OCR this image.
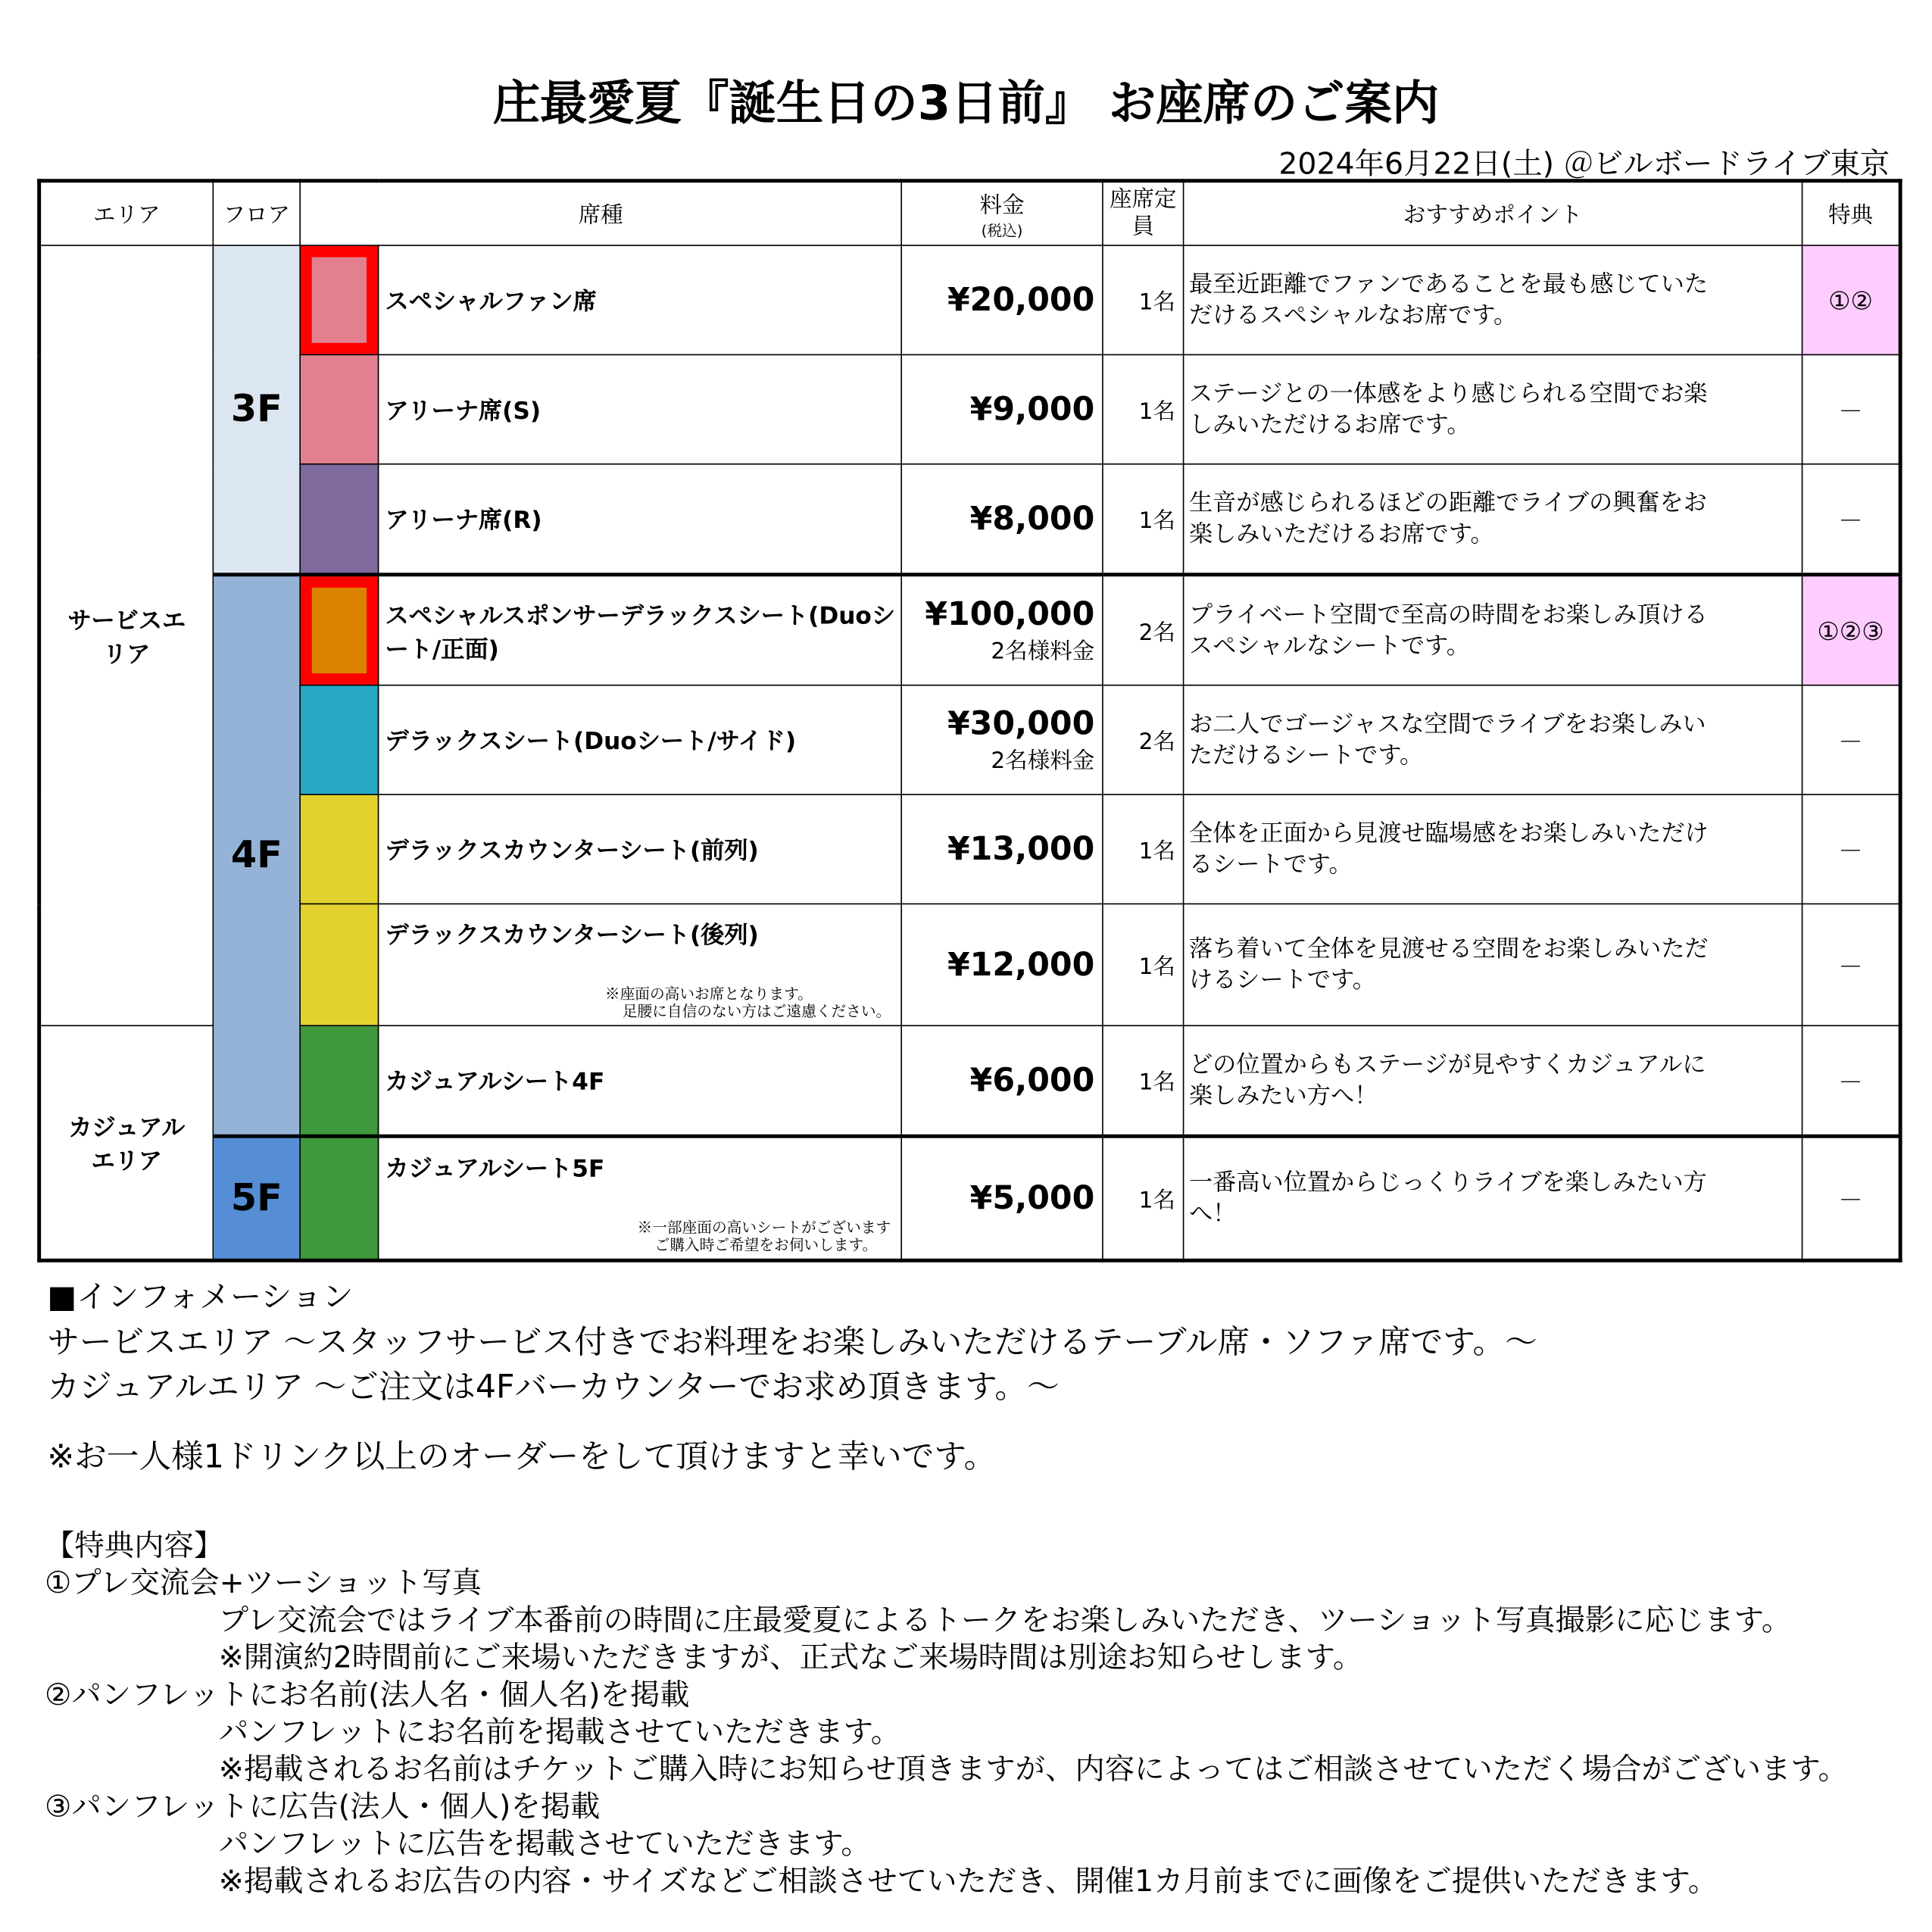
庄最愛夏『誕生日の3日前』 お座席のご案内
2024年6月22日(土) ＠ビルボードライブ東京
エリア	フロア	席種		料金
(税込)	座席定員	おすすめポイント	特典
サービスエリア	3F		スペシャルファン席	¥20,000	1名	最至近距離でファンであることを最も感じていただけるスペシャルなお席です。	①②
			アリーナ席(S)	¥9,000	1名	ステージとの一体感をより感じられる空間でお楽しみいただけるお席です。	－
			アリーナ席(R)	¥8,000	1名	生音が感じられるほどの距離でライブの興奮をお楽しみいただけるお席です。	－
	4F		スペシャルスポンサーデラックスシート(Duoシート/正面)	¥100,000
2名様料金	2名	プライベート空間で至高の時間をお楽しみ頂けるスペシャルなシートです。	①②③
			デラックスシート(Duoシート/サイド)	¥30,000
2名様料金	2名	お二人でゴージャスな空間でライブをお楽しみいただけるシートです。	－
			デラックスカウンターシート(前列)	¥13,000	1名	全体を正面から見渡せ臨場感をお楽しみいただけるシートです。	－
			デラックスカウンターシート(後列)
※座面の高いお席となります。
足腰に自信のない方はご遠慮ください。	¥12,000	1名	落ち着いて全体を見渡せる空間をお楽しみいただけるシートです。	－
カジュアルエリア			カジュアルシート4F	¥6,000	1名	どの位置からもステージが見やすくカジュアルに楽しみたい方へ！	－
	5F		カジュアルシート5F
※一部座面の高いシートがございます
ご購入時ご希望をお伺いします。	¥5,000	1名	一番高い位置からじっくりライブを楽しみたい方へ！	－
■インフォメーション
サービスエリア ～スタッフサービス付きでお料理をお楽しみいただけるテーブル席・ソファ席です。～
カジュアルエリア ～ご注文は4Fバーカウンターでお求め頂きます。～
※お一人様1ドリンク以上のオーダーをして頂けますと幸いです。
【特典内容】
①プレ交流会+ツーショット写真
プレ交流会ではライブ本番前の時間に庄最愛夏によるトークをお楽しみいただき、ツーショット写真撮影に応じます。
※開演約2時間前にご来場いただきますが、正式なご来場時間は別途お知らせします。
②パンフレットにお名前(法人名・個人名)を掲載
パンフレットにお名前を掲載させていただきます。
※掲載されるお名前はチケットご購入時にお知らせ頂きますが、内容によってはご相談させていただく場合がございます。
③パンフレットに広告(法人・個人)を掲載
パンフレットに広告を掲載させていただきます。
※掲載されるお広告の内容・サイズなどご相談させていただき、開催1カ月前までに画像をご提供いただきます。
